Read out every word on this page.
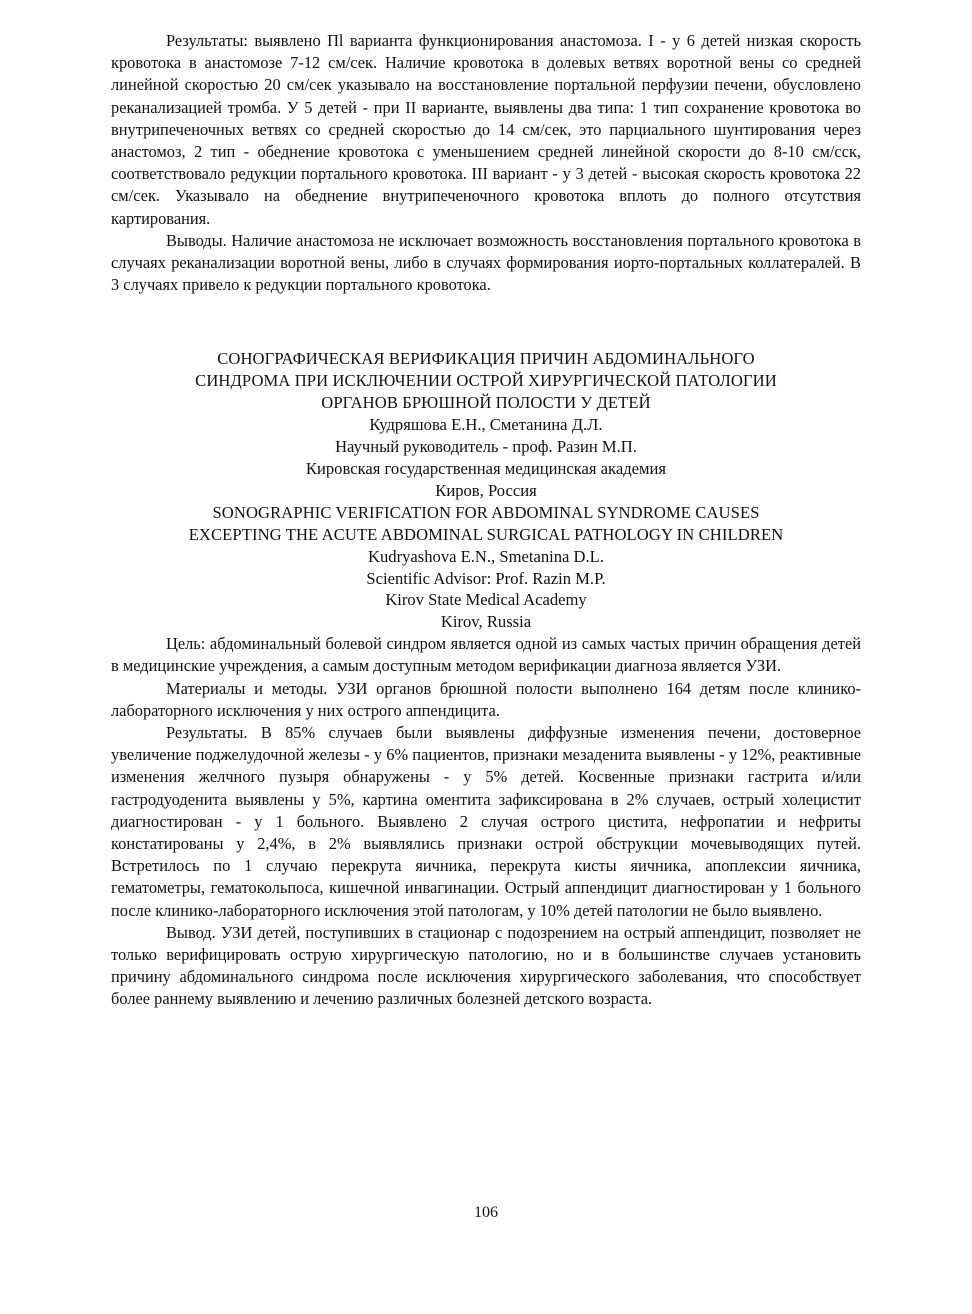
Результаты: выявлено Пl варианта функционирования анастомоза. I - у 6 детей низкая скорость кровотока в анастомозе 7-12 см/сек. Наличие кровотока в долевых ветвях воротной вены со средней линейной скоростью 20 см/сек указывало на восстановление портальной перфузии печени, обусловлено реканализацией тромба. У 5 детей - при II варианте, выявлены два типа: 1 тип сохранение кровотока во внутрипеченочных ветвях со средней скоростью до 14 см/сек, это парциального шунтирования через анастомоз, 2 тип - обеднение кровотока с уменьшением средней линейной скорости до 8-10 см/сск, соответствовало редукции портального кровотока. III вариант - у 3 детей - высокая скорость кровотока 22 см/сек. Указывало на обеднение внутрипеченочного кровотока вплоть до полного отсутствия картирования.

Выводы. Наличие анастомоза не исключает возможность восстановления портального кровотока в случаях реканализации воротной вены, либо в случаях формирования иорто-портальных коллатералей. В 3 случаях привело к редукции портального кровотока.

СОНОГРАФИЧЕСКАЯ ВЕРИФИКАЦИЯ ПРИЧИН АБДОМИНАЛЬНОГО

СИНДРОМА ПРИ ИСКЛЮЧЕНИИ ОСТРОЙ ХИРУРГИЧЕСКОЙ ПАТОЛОГИИ

ОРГАНОВ БРЮШНОЙ ПОЛОСТИ У ДЕТЕЙ

Кудряшова Е.Н., Сметанина Д.Л.

Научный руководитель - проф. Разин М.П.

Кировская государственная медицинская академия

Киров, Россия

SONOGRAPHIC VERIFICATION FOR ABDOMINAL SYNDROME CAUSES

EXCEPTING THE ACUTE ABDOMINAL SURGICAL PATHOLOGY IN CHILDREN

Kudryashova E.N., Smetanina D.L.

Scientific Advisor: Prof. Razin M.P.

Kirov State Medical Academy

Kirov, Russia

Цель: абдоминальный болевой синдром является одной из самых частых причин обращения детей в медицинские учреждения, а самым доступным методом верификации диагноза является УЗИ.

Материалы и методы. УЗИ органов брюшной полости выполнено 164 детям после клинико-лабораторного исключения у них острого аппендицита.

Результаты. В 85% случаев были выявлены диффузные изменения печени, достоверное увеличение поджелудочной железы - у 6% пациентов, признаки мезаденита выявлены - у 12%, реактивные изменения желчного пузыря обнаружены - у 5% детей. Косвенные признаки гастрита и/или гастродуоденита выявлены у 5%, картина оментита зафиксирована в 2% случаев, острый холецистит диагностирован - у 1 больного. Выявлено 2 случая острого цистита, нефропатии и нефриты констатированы у 2,4%, в 2% выявлялись признаки острой обструкции мочевыводящих путей. Встретилось по 1 случаю перекрута яичника, перекрута кисты яичника, апоплексии яичника, гематометры, гематокольпоса, кишечной инвагинации. Острый аппендицит диагностирован у 1 больного после клинико-лабораторного исключения этой патологам, у 10% детей патологии не было выявлено.

Вывод. УЗИ детей, поступивших в стационар с подозрением на острый аппендицит, позволяет не только верифицировать острую хирургическую патологию, но и в большинстве случаев установить причину абдоминального синдрома после исключения хирургического заболевания, что способствует более раннему выявлению и лечению различных болезней детского возраста.

106
